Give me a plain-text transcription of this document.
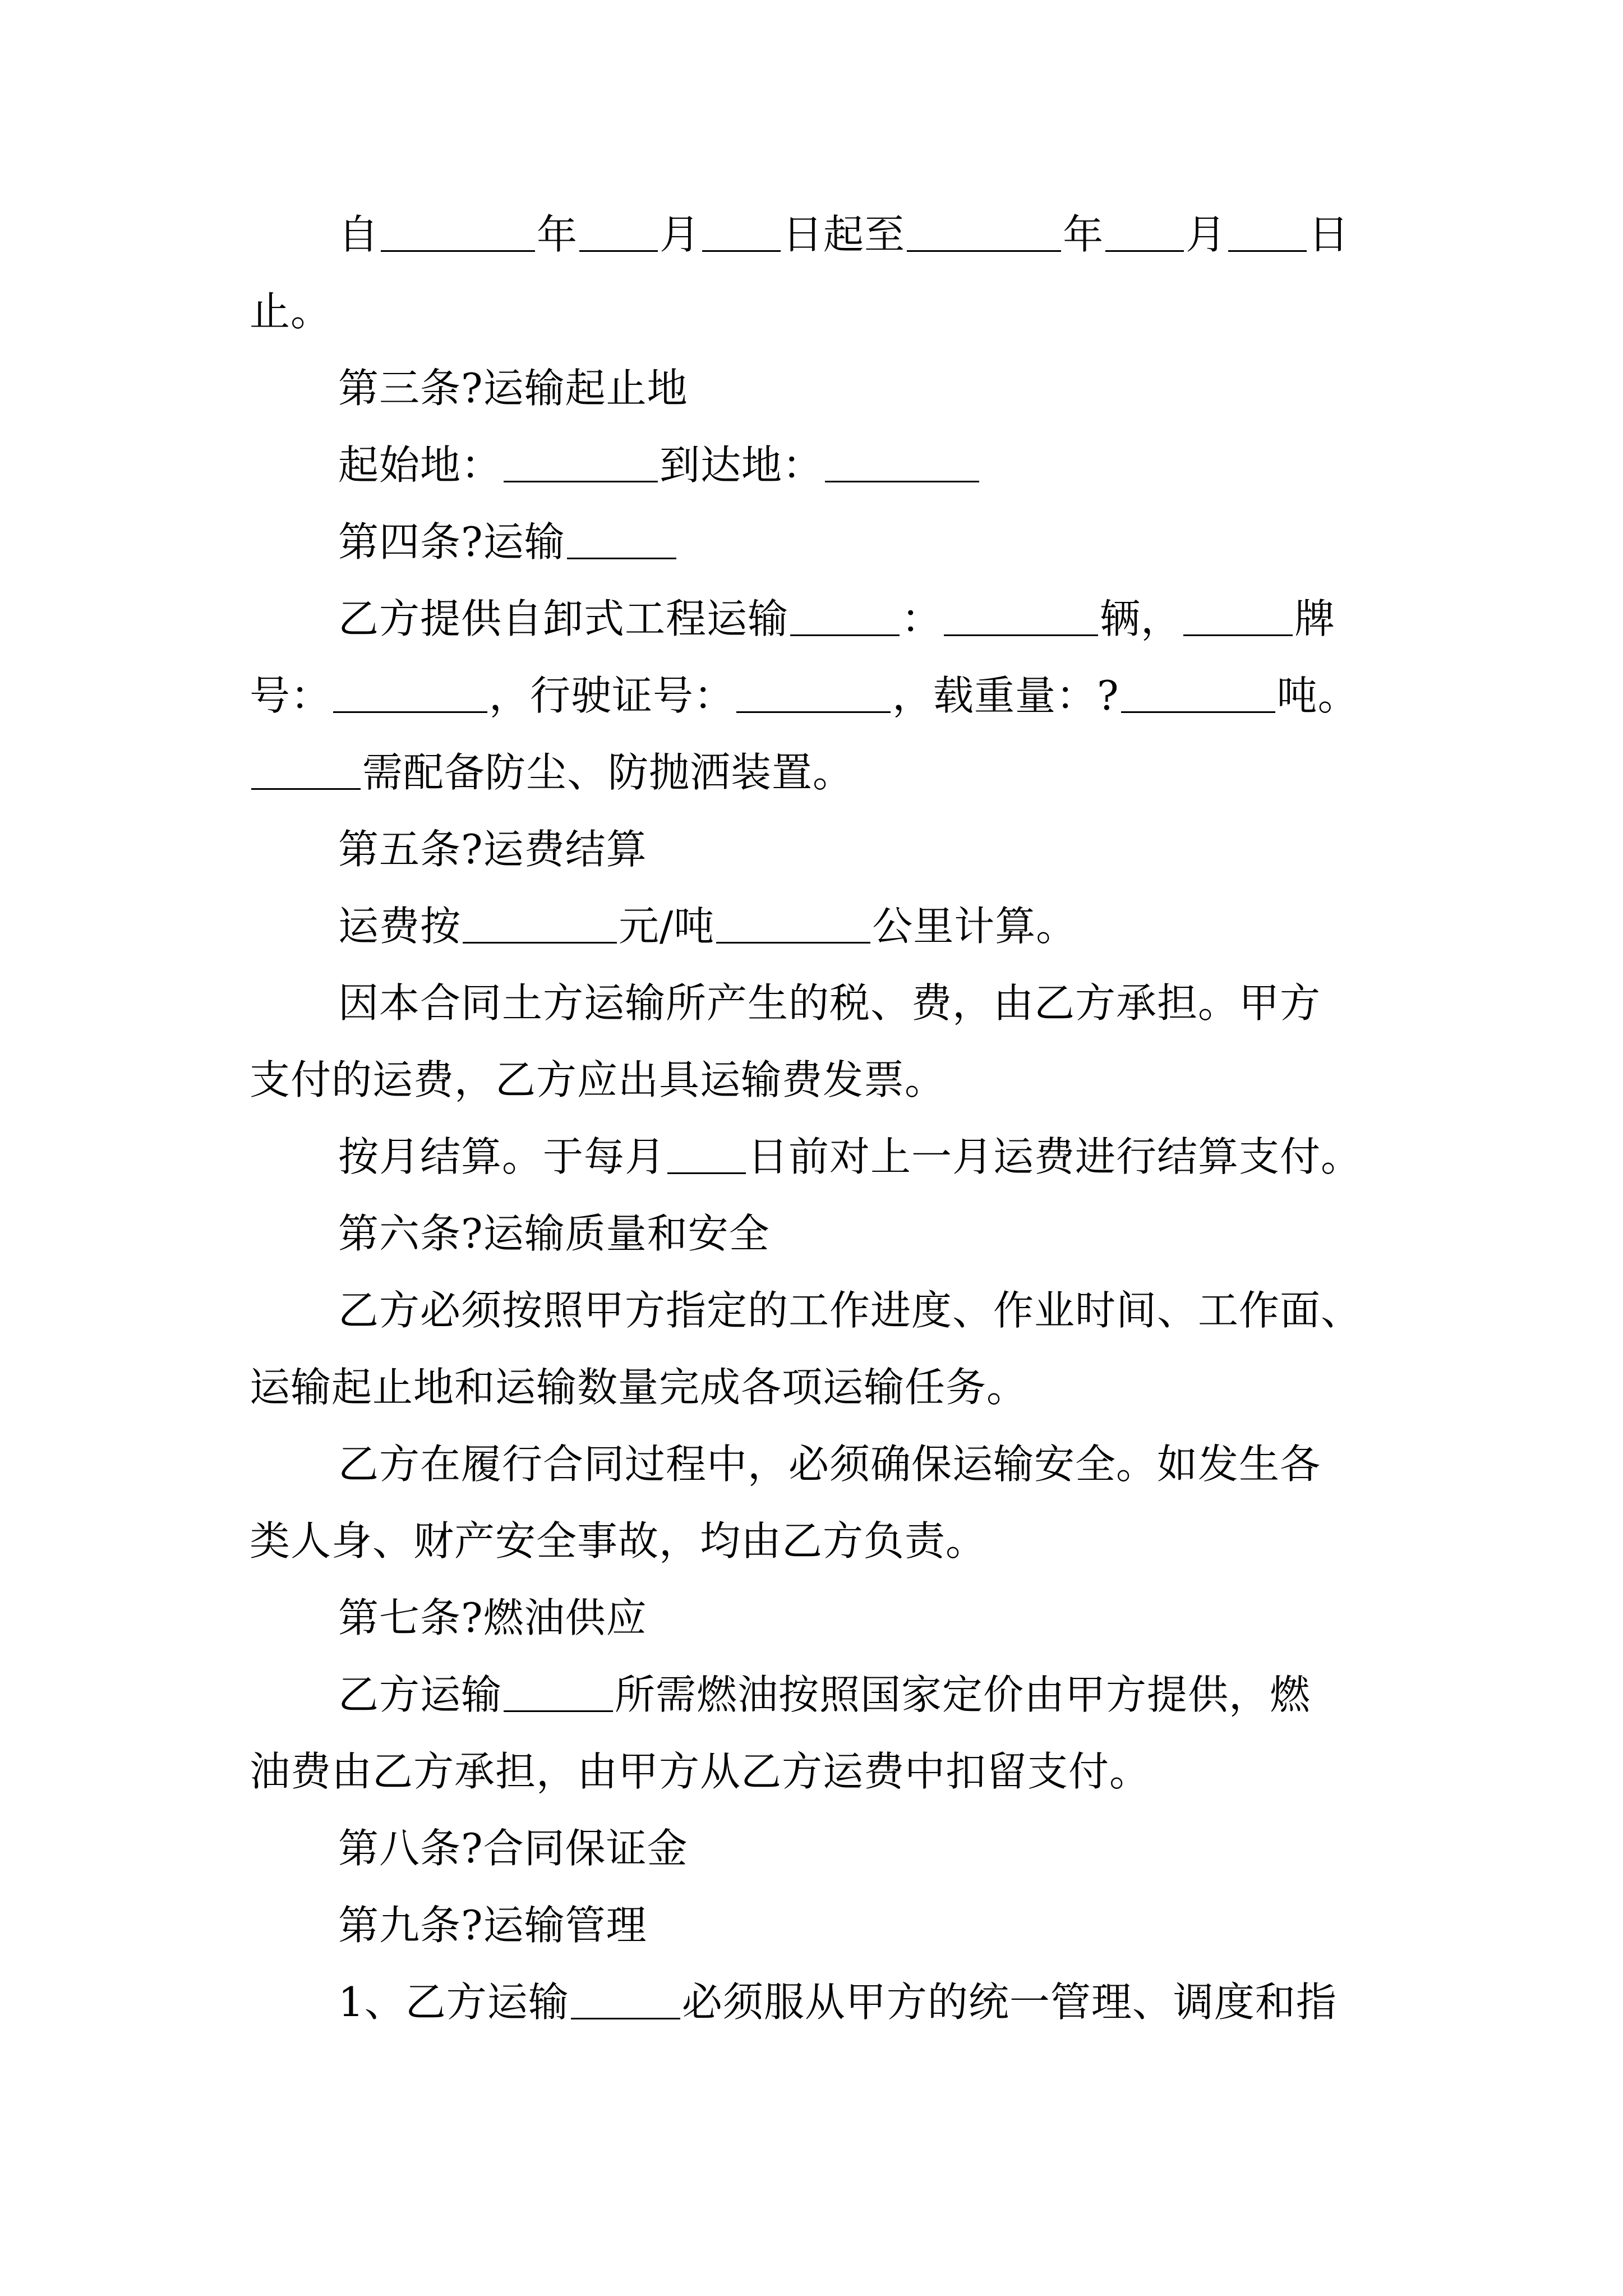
自	年 月 日起至	年 月 日
止。
第三条?运输起止地
起始地：	到达地：
第四条?运输
乙方提供自卸式工程运输	：	辆，	牌
号：	，行驶证号：	，载重量：?	吨。
需配备防尘、防抛洒装置。
第五条?运费结算
运费按	元/吨	公里计算。
因本合同土方运输所产生的税、费，由乙方承担。甲方
支付的运费，乙方应出具运输费发票。
按月结算。于每月 日前对上一月运费进行结算支付。
第六条?运输质量和安全
乙方必须按照甲方指定的工作进度、作业时间、工作面、
运输起止地和运输数量完成各项运输任务。
乙方在履行合同过程中，必须确保运输安全。如发生各
类人身、财产安全事故，均由乙方负责。
第七条?燃油供应
乙方运输	所需燃油按照国家定价由甲方提供，燃
油费由乙方承担，由甲方从乙方运费中扣留支付。
第八条?合同保证金
第九条?运输管理
1、乙方运输	必须服从甲方的统一管理、调度和指
